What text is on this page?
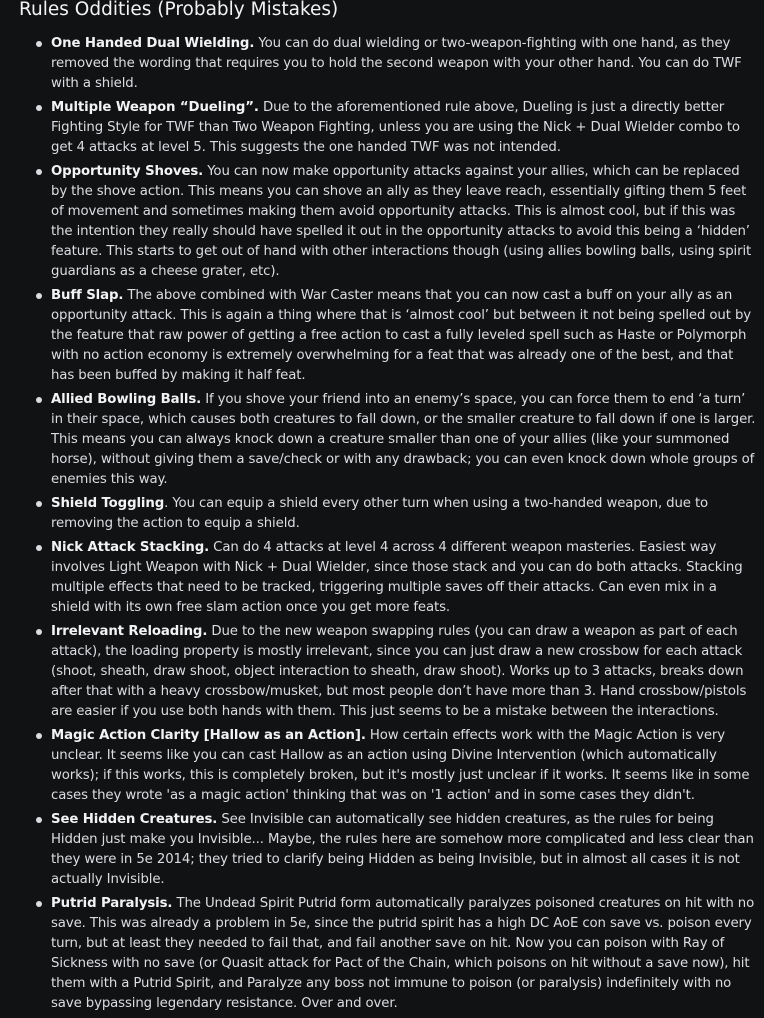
Rules Oddities (Probably Mistakes)
One Handed Dual Wielding. You can do dual wielding or two-weapon-fighting with one hand, as they removed the wording that requires you to hold the second weapon with your other hand. You can do TWF with a shield.
Multiple Weapon “Dueling”. Due to the aforementioned rule above, Dueling is just a directly better Fighting Style for TWF than Two Weapon Fighting, unless you are using the Nick + Dual Wielder combo to get 4 attacks at level 5. This suggests the one handed TWF was not intended.
Opportunity Shoves. You can now make opportunity attacks against your allies, which can be replaced by the shove action. This means you can shove an ally as they leave reach, essentially gifting them 5 feet of movement and sometimes making them avoid opportunity attacks. This is almost cool, but if this was the intention they really should have spelled it out in the opportunity attacks to avoid this being a ‘hidden’ feature. This starts to get out of hand with other interactions though (using allies bowling balls, using spirit guardians as a cheese grater, etc).
Buff Slap. The above combined with War Caster means that you can now cast a buff on your ally as an opportunity attack. This is again a thing where that is ‘almost cool’ but between it not being spelled out by the feature that raw power of getting a free action to cast a fully leveled spell such as Haste or Polymorph with no action economy is extremely overwhelming for a feat that was already one of the best, and that has been buffed by making it half feat.
Allied Bowling Balls. If you shove your friend into an enemy’s space, you can force them to end ‘a turn’ in their space, which causes both creatures to fall down, or the smaller creature to fall down if one is larger. This means you can always knock down a creature smaller than one of your allies (like your summoned horse), without giving them a save/check or with any drawback; you can even knock down whole groups of enemies this way.
Shield Toggling. You can equip a shield every other turn when using a two-handed weapon, due to removing the action to equip a shield.
Nick Attack Stacking. Can do 4 attacks at level 4 across 4 different weapon masteries. Easiest way involves Light Weapon with Nick + Dual Wielder, since those stack and you can do both attacks. Stacking multiple effects that need to be tracked, triggering multiple saves off their attacks. Can even mix in a shield with its own free slam action once you get more feats.
Irrelevant Reloading. Due to the new weapon swapping rules (you can draw a weapon as part of each attack), the loading property is mostly irrelevant, since you can just draw a new crossbow for each attack (shoot, sheath, draw shoot, object interaction to sheath, draw shoot). Works up to 3 attacks, breaks down after that with a heavy crossbow/musket, but most people don’t have more than 3. Hand crossbow/pistols are easier if you use both hands with them. This just seems to be a mistake between the interactions.
Magic Action Clarity [Hallow as an Action]. How certain effects work with the Magic Action is very unclear. It seems like you can cast Hallow as an action using Divine Intervention (which automatically works); if this works, this is completely broken, but it's mostly just unclear if it works. It seems like in some cases they wrote 'as a magic action' thinking that was on '1 action' and in some cases they didn't.
See Hidden Creatures. See Invisible can automatically see hidden creatures, as the rules for being Hidden just make you Invisible... Maybe, the rules here are somehow more complicated and less clear than they were in 5e 2014; they tried to clarify being Hidden as being Invisible, but in almost all cases it is not actually Invisible.
Putrid Paralysis. The Undead Spirit Putrid form automatically paralyzes poisoned creatures on hit with no save. This was already a problem in 5e, since the putrid spirit has a high DC AoE con save vs. poison every turn, but at least they needed to fail that, and fail another save on hit. Now you can poison with Ray of Sickness with no save (or Quasit attack for Pact of the Chain, which poisons on hit without a save now), hit them with a Putrid Spirit, and Paralyze any boss not immune to poison (or paralysis) indefinitely with no save bypassing legendary resistance. Over and over.
